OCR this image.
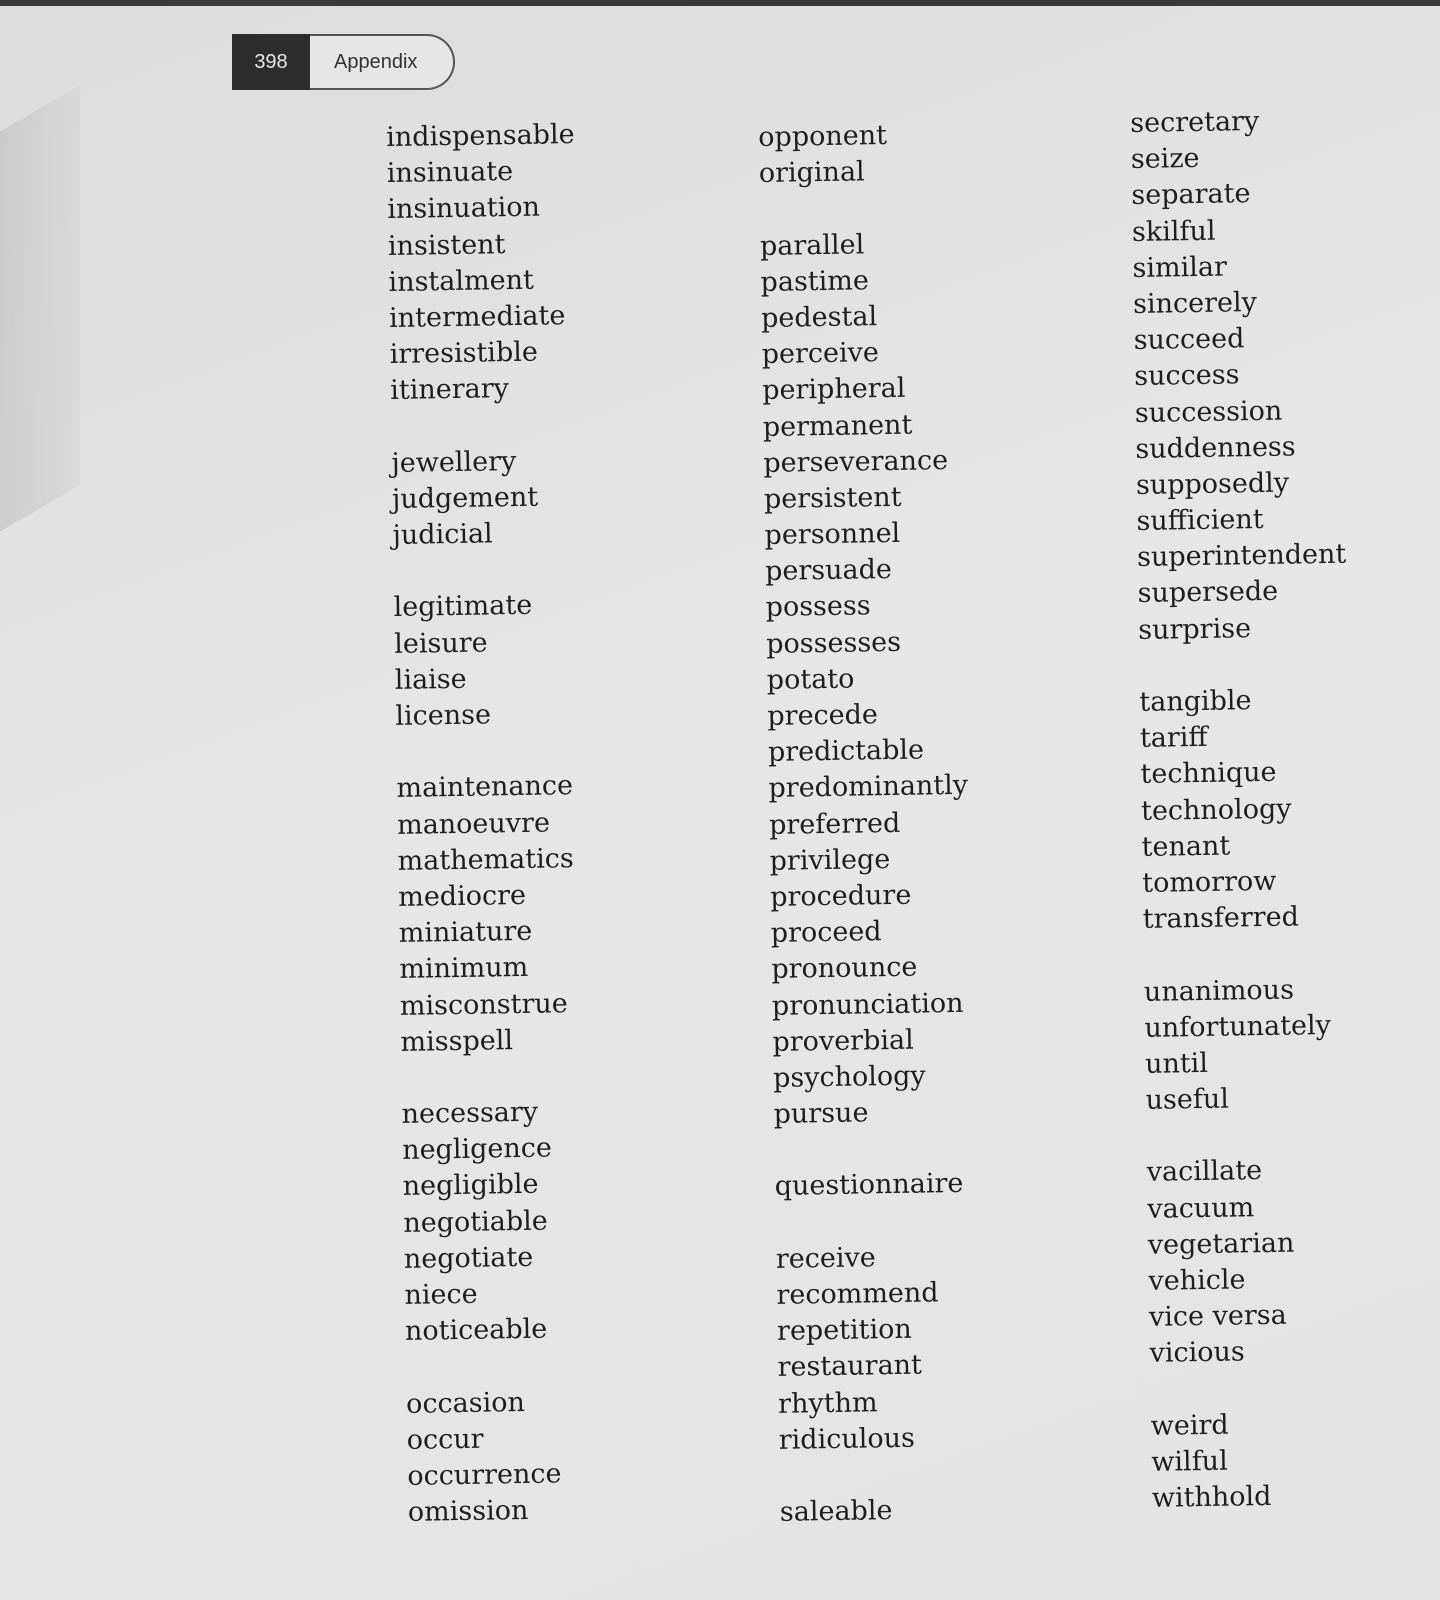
398	Appendix
indispensable
insinuate
insinuation
insistent
instalment
intermediate
irresistible
itinerary
jewellery
judgement
judicial
legitimate
leisure
liaise
license
maintenance
manoeuvre
mathematics
mediocre
miniature
minimum
misconstrue
misspell
necessary
negligence
negligible
negotiable
negotiate
niece
noticeable
occasion
occur
occurrence
omission
opponent
original
parallel
pastime
pedestal
perceive
peripheral
permanent
perseverance
persistent
personnel
persuade
possess
possesses
potato
precede
predictable
predominantly
preferred
privilege
procedure
proceed
pronounce
pronunciation
proverbial
psychology
pursue
questionnaire
receive
recommend
repetition
restaurant
rhythm
ridiculous
saleable
secretary
seize
separate
skilful
similar
sincerely
succeed
success
succession
suddenness
supposedly
sufficient
superintendent
supersede
surprise
tangible
tariff
technique
technology
tenant
tomorrow
transferred
unanimous
unfortunately
until
useful
vacillate
vacuum
vegetarian
vehicle
vice versa
vicious
weird
wilful
withhold
